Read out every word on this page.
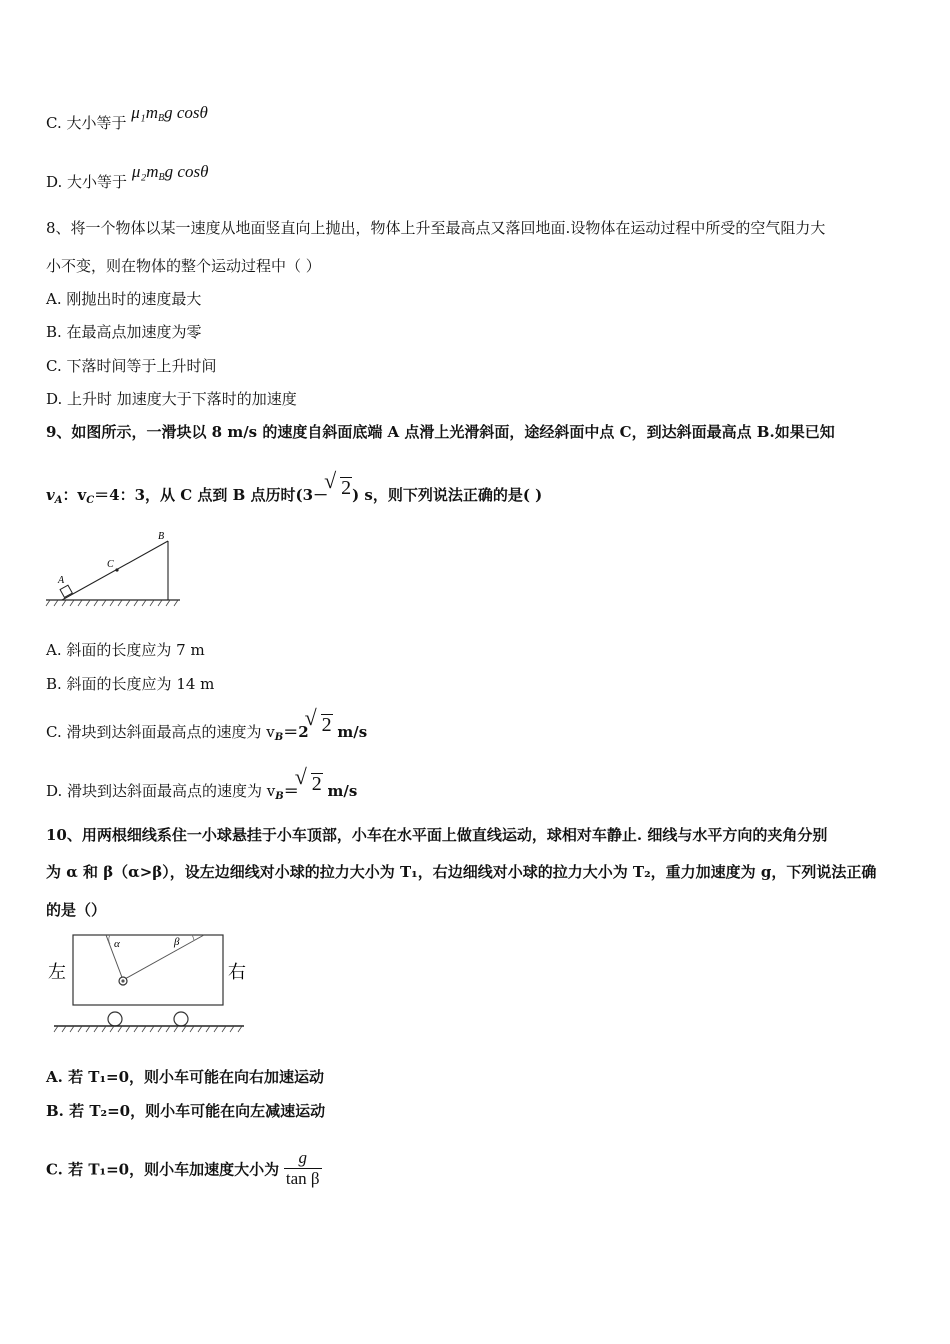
C. 大小等于 $\mu_1m_Bg$ cosθ
D. 大小等于 $\mu_2m_Bg$ cosθ
8、将一个物体以某一速度从地面竖直向上抛出，物体上升至最高点又落回地面.设物体在运动过程中所受的空气阻力大
小不变，则在物体的整个运动过程中（ ）
A. 刚抛出时的速度最大
B. 在最高点加速度为零
C. 下落时间等于上升时间
D. 上升时 加速度大于下落时的加速度
9、如图所示，一滑块以 8 m/s 的速度自斜面底端 A 点滑上光滑斜面，途经斜面中点 C，到达斜面最高点 B.如果已知
$v_A$：$v_C=4$：3，从 C 点到 B 点历时(3－√ 2) s，则下列说法正确的是( )
A
C
B
A. 斜面的长度应为 7 m
B. 斜面的长度应为 14 m
C. 滑块到达斜面最高点的速度为 $v_B=2√$ 2 m/s
D. 滑块到达斜面最高点的速度为 $v_B=√$ 2 m/s
10、用两根细线系住一小球悬挂于小车顶部，小车在水平面上做直线运动，球相对车静止. 细线与水平方向的夹角分别
为 α 和 β（α>β），设左边细线对小球的拉力大小为 T₁，右边细线对小球的拉力大小为 T₂，重力加速度为 g，下列说法正确
的是（）
α	β
左	右
A. 若 T₁=0，则小车可能在向右加速运动
B. 若 T₂=0，则小车可能在向左减速运动
C. 若 T₁=0，则小车加速度大小为 $\frac{g}{\text{tan β}}$
